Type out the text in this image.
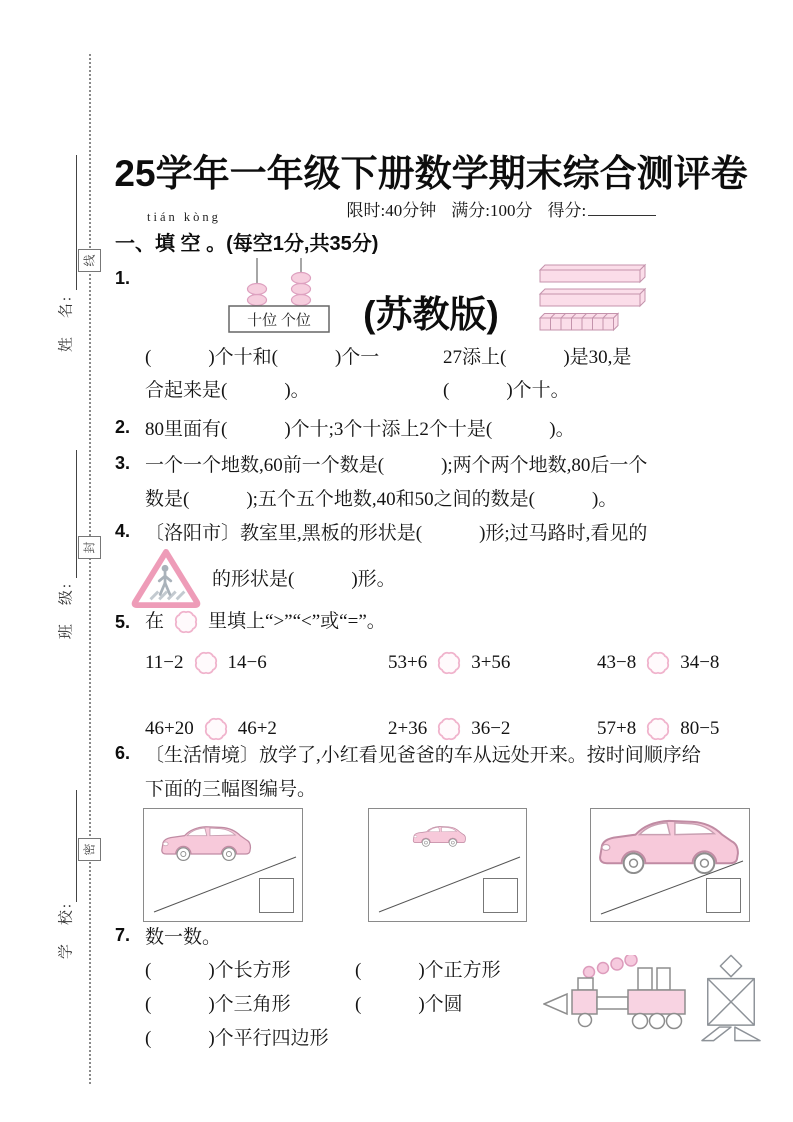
姓　名:
线
班　级:
封
学　校:
密

25学年一年级下册数学期末综合测评卷

(苏教版)

限时:40分钟 满分:100分 得分:

tián kòng
一、填 空 。(每空1分,共35分)
1.
十位 个位
(　　　)个十和(　　　)个一	27添上(　　　)是30,是
合起来是(　　　)。	(　　　)个十。
2. 80里面有(　　　)个十;3个十添上2个十是(　　　)。
3. 一个一个地数,60前一个数是(　　　);两个两个地数,80后一个
数是(　　　);五个五个地数,40和50之间的数是(　　　)。
4. 〔洛阳市〕教室里,黑板的形状是(　　　)形;过马路时,看见的
的形状是(　　　)形。
5. 在 里填上“>”“<”或“=”。
11−2 14−6	53+6 3+56	43−8 34−8
46+20 46+2	2+36 36−2	57+8 80−5
6. 〔生活情境〕放学了,小红看见爸爸的车从远处开来。按时间顺序给
下面的三幅图编号。
7. 数一数。
(　　　)个长方形	(　　　)个正方形
(　　　)个三角形	(　　　)个圆
(　　　)个平行四边形
